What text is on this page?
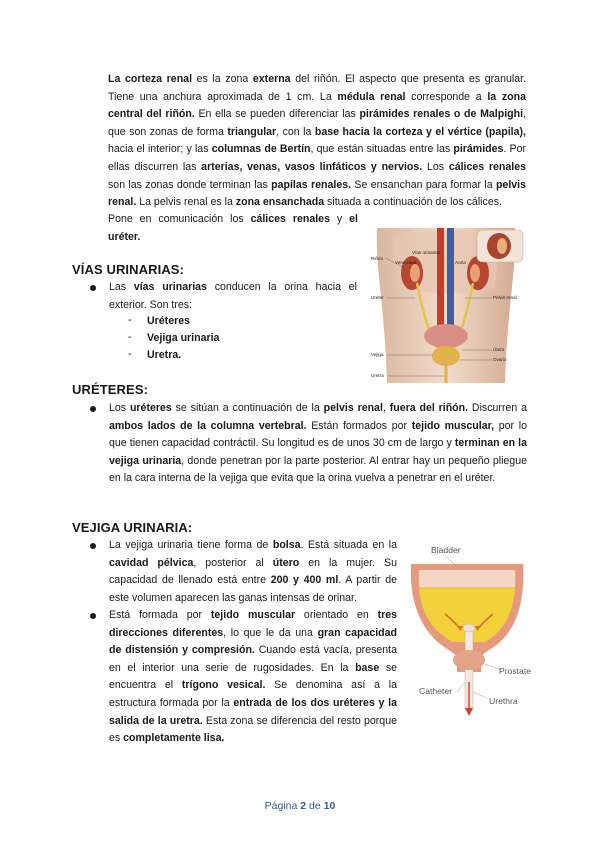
La corteza renal es la zona externa del riñón. El aspecto que presenta es granular. Tiene una anchura aproximada de 1 cm. La médula renal corresponde a la zona central del riñón. En ella se pueden diferenciar las pirámides renales o de Malpighi, que son zonas de forma triangular, con la base hacia la corteza y el vértice (papila), hacia el interior; y las columnas de Bertín, que están situadas entre las pirámides. Por ellas discurren las arterias, venas, vasos linfáticos y nervios. Los cálices renales son las zonas donde terminan las papilas renales. Se ensanchan para formar la pelvis renal. La pelvis renal es la zona ensanchada situada a continuación de los cálices.
Pone en comunicación los cálices renales y el uréter.
Vías urinarias
Vena cava	Aorta
Riñón
Pelvis renal
Uréter
Vejiga
Útero
Ovario
Uretra
VÍAS URINARIAS:
Las vías urinarias conducen la orina hacia el exterior. Son tres:
- Uréteres
- Vejiga urinaria
- Uretra.
URÉTERES:
Los uréteres se sitúan a continuación de la pelvis renal, fuera del riñón. Discurren a ambos lados de la columna vertebral. Están formados por tejido muscular, por lo que tienen capacidad contráctil. Su longitud es de unos 30 cm de largo y terminan en la vejiga urinaria, donde penetran por la parte posterior. Al entrar hay un pequeño pliegue en la cara interna de la vejiga que evita que la orina vuelva a penetrar en el uréter.
VEJIGA URINARIA:
La vejiga urinaria tiene forma de bolsa. Está situada en la cavidad pélvica, posterior al útero en la mujer. Su capacidad de llenado está entre 200 y 400 ml. A partir de este volumen aparecen las ganas intensas de orinar.
Está formada por tejido muscular orientado en tres direcciones diferentes, lo que le da una gran capacidad de distensión y compresión. Cuando está vacía, presenta en el interior una serie de rugosidades. En la base se encuentra el trígono vesical. Se denomina así a la estructura formada por la entrada de los dos uréteres y la salida de la uretra. Esta zona se diferencia del resto porque es completamente lisa.
Bladder
Prostate
Catheter
Urethra
Página 2 de 10
